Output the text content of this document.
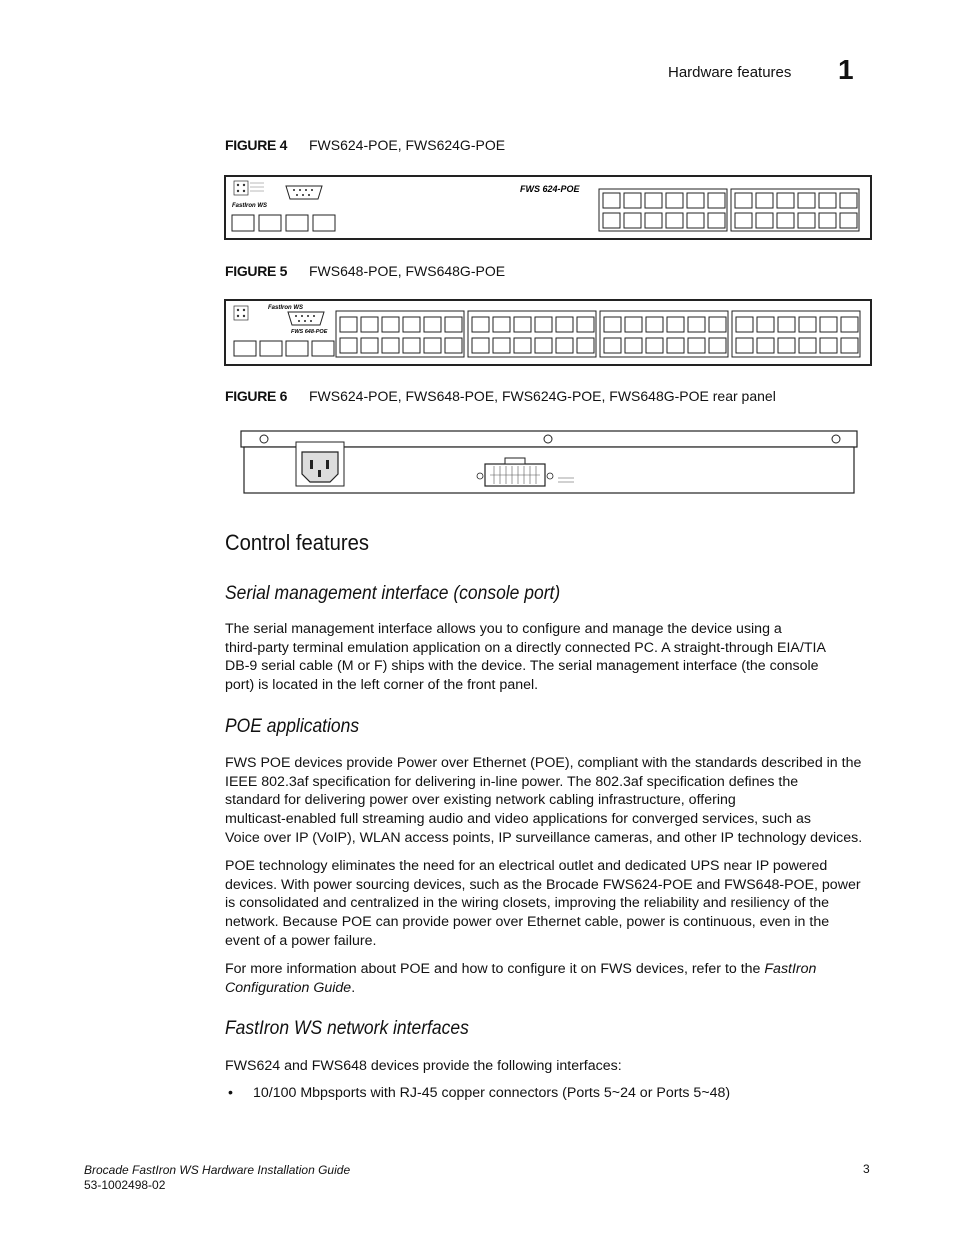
Hardware features 1
FIGURE 4 FWS624-POE, FWS624G-POE
FastIron WS
FWS 624-POE
FIGURE 5 FWS648-POE, FWS648G-POE
FastIron WS
FWS 648-POE
FIGURE 6 FWS624-POE, FWS648-POE, FWS624G-POE, FWS648G-POE rear panel
Control features
Serial management interface (console port)
The serial management interface allows you to configure and manage the device using a
third-party terminal emulation application on a directly connected PC. A straight-through EIA/TIA
DB-9 serial cable (M or F) ships with the device. The serial management interface (the console
port) is located in the left corner of the front panel.
POE applications
FWS POE devices provide Power over Ethernet (POE), compliant with the standards described in the
IEEE 802.3af specification for delivering in-line power. The 802.3af specification defines the
standard for delivering power over existing network cabling infrastructure, offering
multicast-enabled full streaming audio and video applications for converged services, such as
Voice over IP (VoIP), WLAN access points, IP surveillance cameras, and other IP technology devices.
POE technology eliminates the need for an electrical outlet and dedicated UPS near IP powered
devices. With power sourcing devices, such as the Brocade FWS624-POE and FWS648-POE, power
is consolidated and centralized in the wiring closets, improving the reliability and resiliency of the
network. Because POE can provide power over Ethernet cable, power is continuous, even in the
event of a power failure.
For more information about POE and how to configure it on FWS devices, refer to the FastIron
Configuration Guide.
FastIron WS network interfaces
FWS624 and FWS648 devices provide the following interfaces:
• 10/100 Mbpsports with RJ-45 copper connectors (Ports 5~24 or Ports 5~48)
Brocade FastIron WS Hardware Installation Guide
53-1002498-02
3
